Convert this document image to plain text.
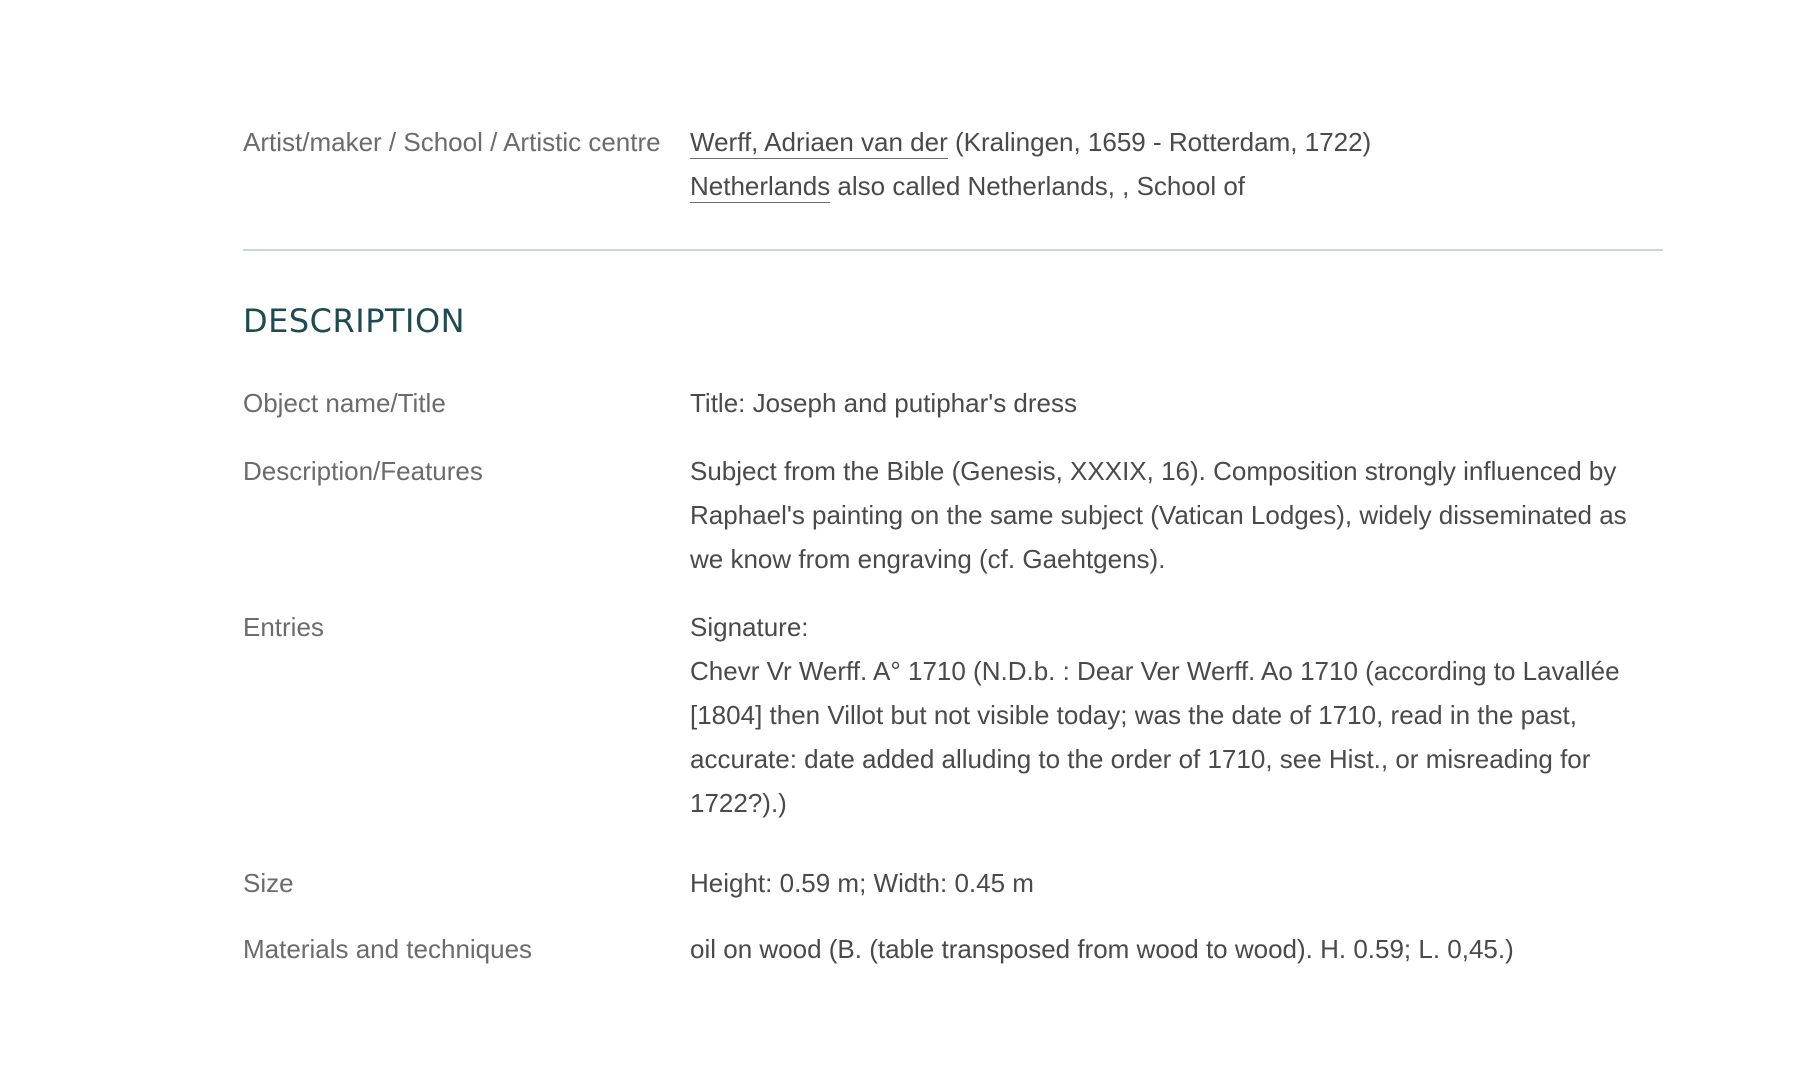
Artist/maker / School / Artistic centre	Werff, Adriaen van der (Kralingen, 1659 - Rotterdam, 1722)
Netherlands also called Netherlands, , School of
DESCRIPTION
Object name/Title	Title: Joseph and putiphar's dress
Description/Features	Subject from the Bible (Genesis, XXXIX, 16). Composition strongly influenced by Raphael's painting on the same subject (Vatican Lodges), widely disseminated as we know from engraving (cf. Gaehtgens).
Entries	Signature:
Chevr Vr Werff. A° 1710 (N.D.b. : Dear Ver Werff. Ao 1710 (according to Lavallée [1804] then Villot but not visible today; was the date of 1710, read in the past, accurate: date added alluding to the order of 1710, see Hist., or misreading for 1722?).)
Size	Height: 0.59 m; Width: 0.45 m
Materials and techniques	oil on wood (B. (table transposed from wood to wood). H. 0.59; L. 0,45.)
